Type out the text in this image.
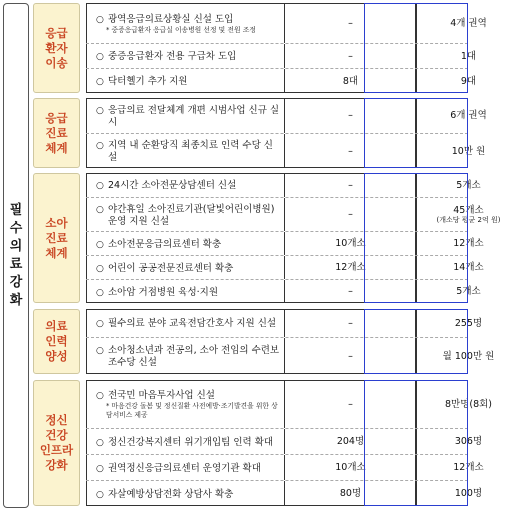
필수의료 강화
응급
환자
이송
○ 광역응급의료상황실 신설 도입
* 중증응급환자 응급실 이송병원 선정 및 전원 조정
–	4개 권역
○ 중증응급환자 전용 구급차 도입	–	1대
○ 닥터헬기 추가 지원	8대	9대
응급
진료
체계
○ 응급의료 전달체계 개편 시범사업 신규 실시
–	6개 권역
○ 지역 내 순환당직 최종치료 인력 수당 신설
–	10만 원
소아
진료
체계
○ 24시간 소아전문상담센터 신설	–	5개소
○ 야간휴일 소아진료기관(달빛어린이병원) 운영 지원 신설
–	45개소
(개소당 평균 2억 원)
○ 소아전문응급의료센터 확충	10개소	12개소
○ 어린이 공공전문진료센터 확충	12개소	14개소
○ 소아암 거점병원 육성·지원	–	5개소
의료
인력
양성
○ 필수의료 분야 교육전담간호사 지원 신설	–	255명
○ 소아청소년과 전공의, 소아 전임의 수련보조수당 신설
–	월 100만 원
정신
건강
인프라
강화
○ 전국민 마음투자사업 신설
* 마음건강 돌봄 및 정신질환 사전예방·조기발견을 위한 상담서비스 제공
–	8만명(8회)
○ 정신건강복지센터 위기개입팀 인력 확대	204명	306명
○ 권역정신응급의료센터 운영기관 확대	10개소	12개소
○ 자살예방상담전화 상담사 확충	80명	100명
